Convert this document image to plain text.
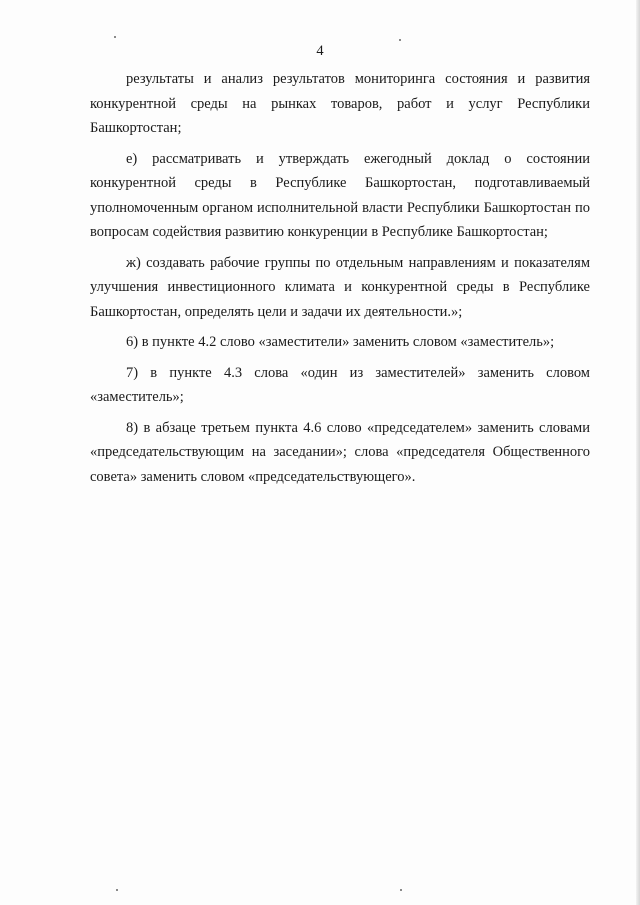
4

результаты и анализ результатов мониторинга состояния и развития конкурентной среды на рынках товаров, работ и услуг Республики Башкортостан;

е) рассматривать и утверждать ежегодный доклад о состоянии конкурентной среды в Республике Башкортостан, подготавливаемый уполномоченным органом исполнительной власти Республики Башкортостан по вопросам содействия развитию конкуренции в Республике Башкортостан;

ж) создавать рабочие группы по отдельным направлениям и показателям улучшения инвестиционного климата и конкурентной среды в Республике Башкортостан, определять цели и задачи их деятельности.»;

6) в пункте 4.2 слово «заместители» заменить словом «заместитель»;

7) в пункте 4.3 слова «один из заместителей» заменить словом «заместитель»;

8) в абзаце третьем пункта 4.6 слово «председателем» заменить словами «председательствующим на заседании»; слова «председателя Общественного совета» заменить словом «председательствующего».
